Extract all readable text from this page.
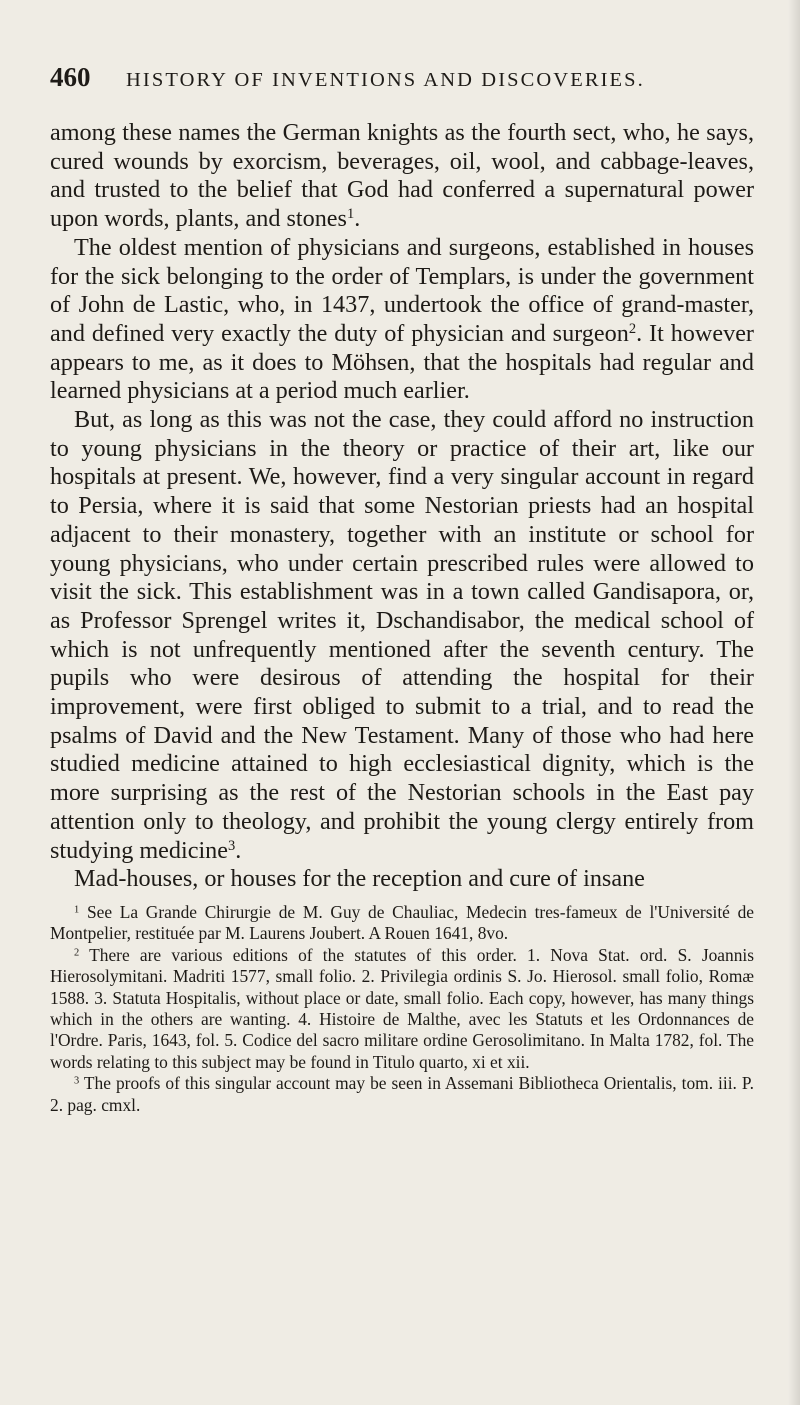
460	HISTORY OF INVENTIONS AND DISCOVERIES.

among these names the German knights as the fourth sect, who, he says, cured wounds by exorcism, beverages, oil, wool, and cabbage-leaves, and trusted to the belief that God had conferred a supernatural power upon words, plants, and stones$^1$.

The oldest mention of physicians and surgeons, established in houses for the sick belonging to the order of Templars, is under the government of John de Lastic, who, in 1437, undertook the office of grand-master, and defined very exactly the duty of physician and surgeon$^2$. It however appears to me, as it does to Möhsen, that the hospitals had regular and learned physicians at a period much earlier.

But, as long as this was not the case, they could afford no instruction to young physicians in the theory or practice of their art, like our hospitals at present. We, however, find a very singular account in regard to Persia, where it is said that some Nestorian priests had an hospital adjacent to their monastery, together with an institute or school for young physicians, who under certain prescribed rules were allowed to visit the sick. This establishment was in a town called Gandisapora, or, as Professor Sprengel writes it, Dschandisabor, the medical school of which is not unfrequently mentioned after the seventh century. The pupils who were desirous of attending the hospital for their improvement, were first obliged to submit to a trial, and to read the psalms of David and the New Testament. Many of those who had here studied medicine attained to high ecclesiastical dignity, which is the more surprising as the rest of the Nestorian schools in the East pay attention only to theology, and prohibit the young clergy entirely from studying medicine$^3$.

Mad-houses, or houses for the reception and cure of insane

$^1$ See La Grande Chirurgie de M. Guy de Chauliac, Medecin tres-fameux de l'Université de Montpelier, restituée par M. Laurens Joubert. A Rouen 1641, 8vo.

$^2$ There are various editions of the statutes of this order. 1. Nova Stat. ord. S. Joannis Hierosolymitani. Madriti 1577, small folio. 2. Privilegia ordinis S. Jo. Hierosol. small folio, Romæ 1588. 3. Statuta Hospitalis, without place or date, small folio. Each copy, however, has many things which in the others are wanting. 4. Histoire de Malthe, avec les Statuts et les Ordonnances de l'Ordre. Paris, 1643, fol. 5. Codice del sacro militare ordine Gerosolimitano. In Malta 1782, fol. The words relating to this subject may be found in Titulo quarto, xi et xii.

$^3$ The proofs of this singular account may be seen in Assemani Bibliotheca Orientalis, tom. iii. P. 2. pag. cmxl.
